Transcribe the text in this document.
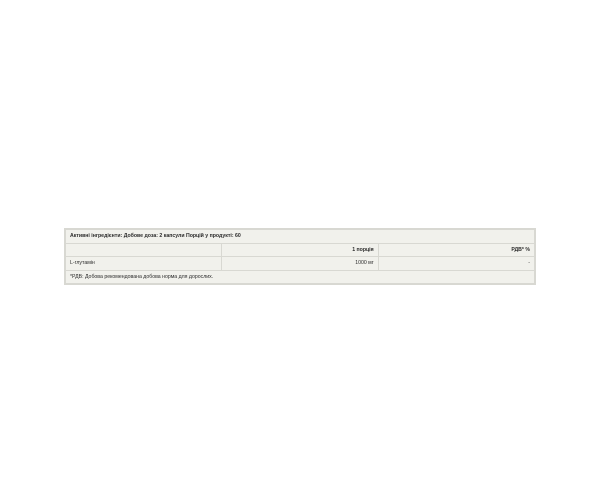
Активні інгредієнти: Добове доза: 2 капсули Порцій у продукті: 60		
	1 порція	РДВ* %
L-глутамін	1000 мг	-
*РДВ: Добова рекомендована добова норма для дорослих.		
